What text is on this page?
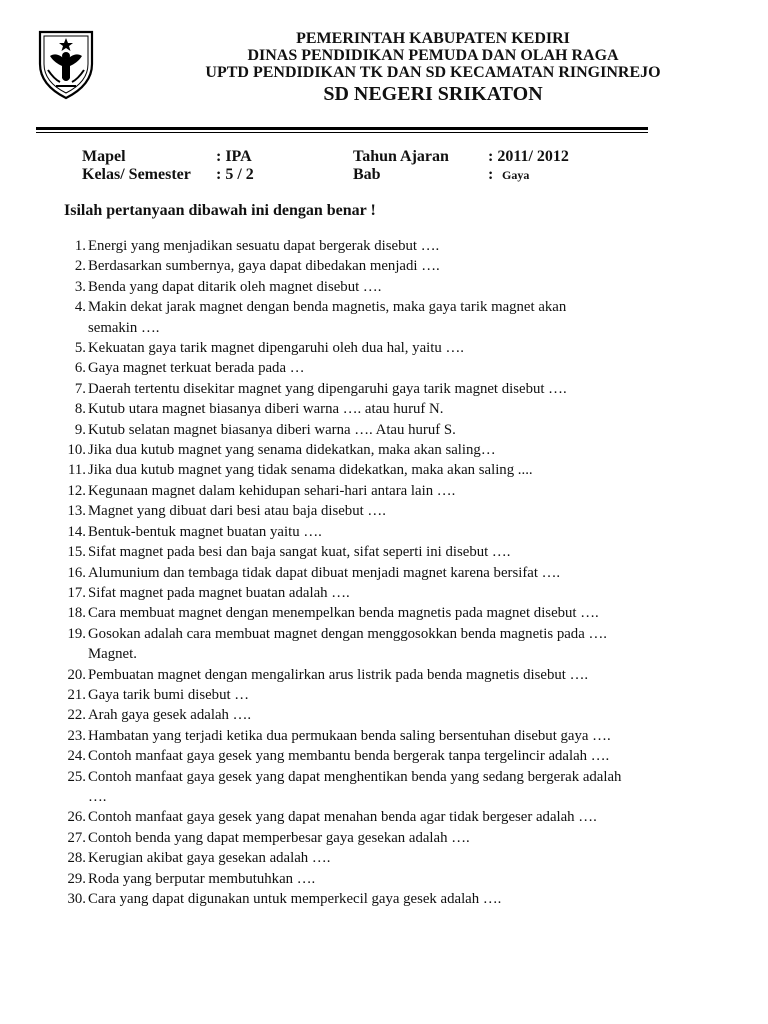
PEMERINTAH KABUPATEN KEDIRI
DINAS PENDIDIKAN PEMUDA DAN OLAH RAGA
UPTD PENDIDIKAN TK DAN SD KECAMATAN RINGINREJO
SD NEGERI SRIKATON
Mapel	: IPA	Tahun Ajaran : 2011/ 2012
Kelas/ Semester : 5 / 2	Bab	: Gaya
Isilah pertanyaan dibawah ini dengan benar !
1. Energi yang menjadikan sesuatu dapat bergerak disebut ….
2. Berdasarkan sumbernya, gaya dapat dibedakan menjadi ….
3. Benda yang dapat ditarik oleh magnet disebut ….
4. Makin dekat jarak magnet dengan benda magnetis, maka gaya tarik magnet akan
semakin ….
5. Kekuatan gaya tarik magnet dipengaruhi oleh dua hal, yaitu ….
6. Gaya magnet terkuat berada pada …
7. Daerah tertentu disekitar magnet yang dipengaruhi gaya tarik magnet disebut ….
8. Kutub utara magnet biasanya diberi warna …. atau huruf N.
9. Kutub selatan magnet biasanya diberi warna …. Atau huruf S.
10. Jika dua kutub magnet yang senama didekatkan, maka akan saling…
11. Jika dua kutub magnet yang tidak senama didekatkan, maka akan saling ....
12. Kegunaan magnet dalam kehidupan sehari-hari antara lain ….
13. Magnet yang dibuat dari besi atau baja disebut ….
14. Bentuk-bentuk magnet buatan yaitu ….
15. Sifat magnet pada besi dan baja sangat kuat, sifat seperti ini disebut ….
16. Alumunium dan tembaga tidak dapat dibuat menjadi magnet karena bersifat ….
17. Sifat magnet pada magnet buatan adalah ….
18. Cara membuat magnet dengan menempelkan benda magnetis pada magnet disebut ….
19. Gosokan adalah cara membuat magnet dengan menggosokkan benda magnetis pada ….
Magnet.
20. Pembuatan magnet dengan mengalirkan arus listrik pada benda magnetis disebut ….
21. Gaya tarik bumi disebut …
22. Arah gaya gesek adalah ….
23. Hambatan yang terjadi ketika dua permukaan benda saling bersentuhan disebut gaya ….
24. Contoh manfaat gaya gesek yang membantu benda bergerak tanpa tergelincir adalah ….
25. Contoh manfaat gaya gesek yang dapat menghentikan benda yang sedang bergerak adalah
….
26. Contoh manfaat gaya gesek yang dapat menahan benda agar tidak bergeser adalah ….
27. Contoh benda yang dapat memperbesar gaya gesekan adalah ….
28. Kerugian akibat gaya gesekan adalah ….
29. Roda yang berputar membutuhkan ….
30. Cara yang dapat digunakan untuk memperkecil gaya gesek adalah ….
